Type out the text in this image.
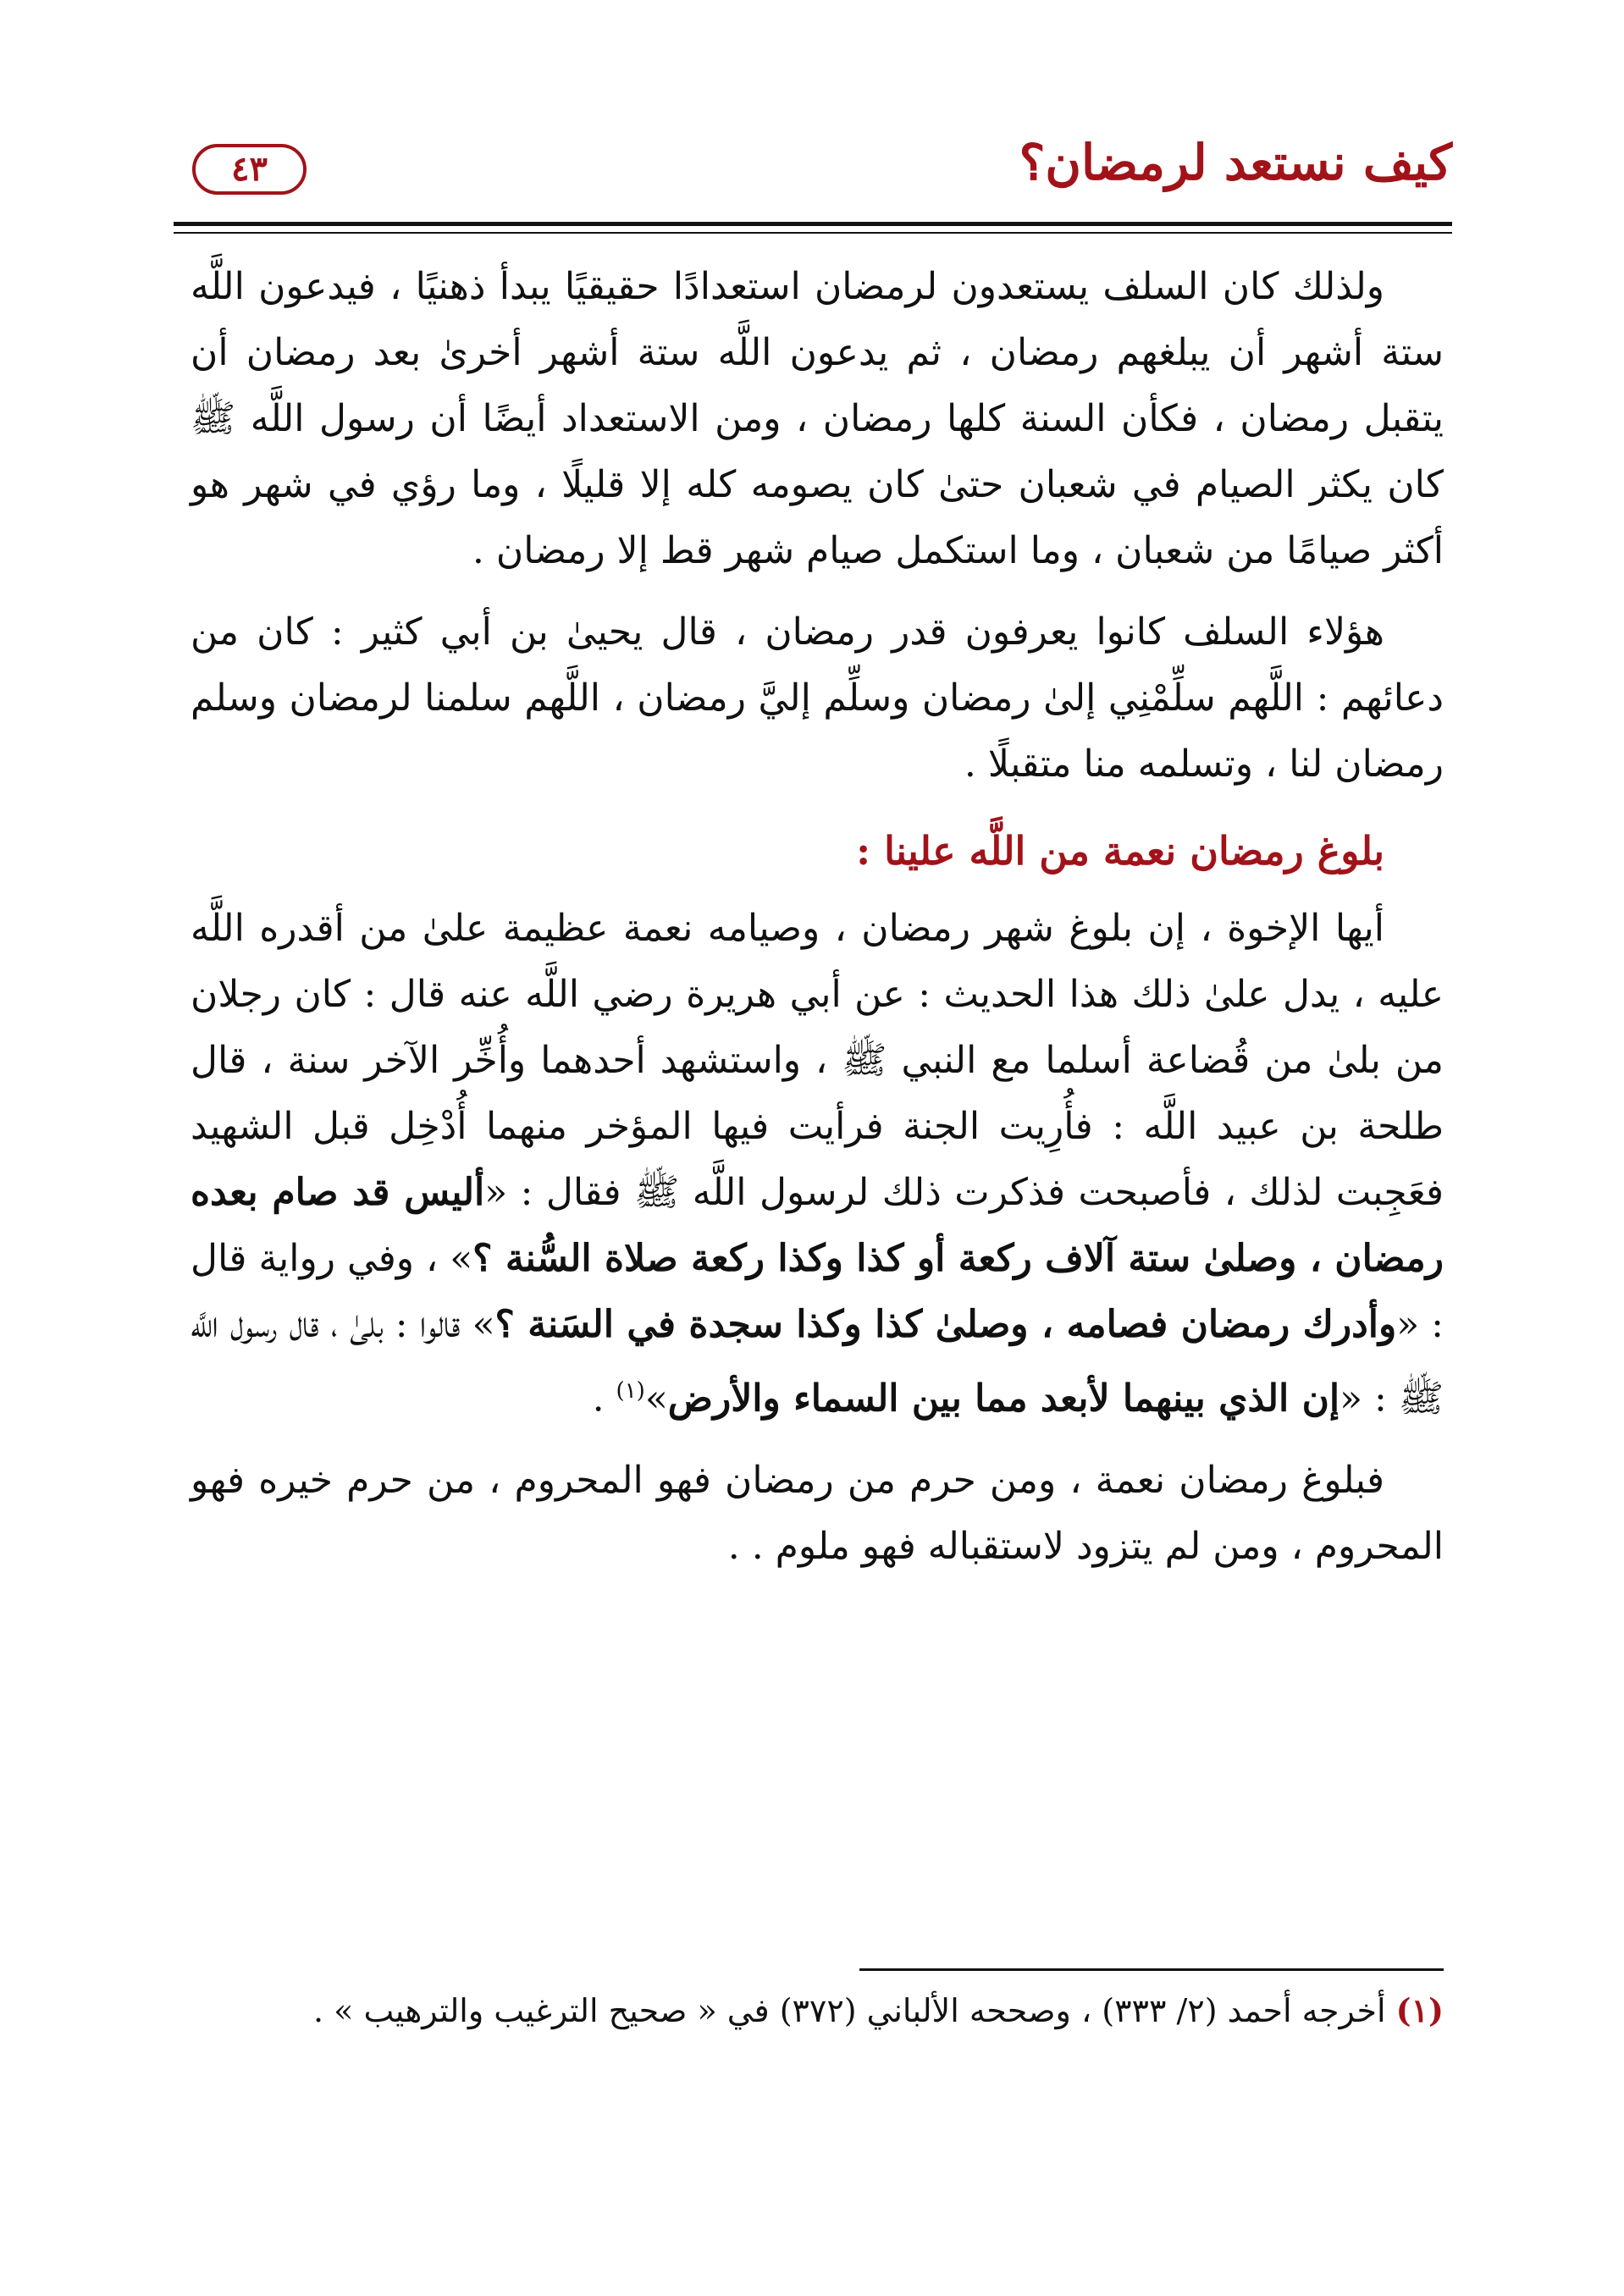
كيف نستعد لرمضان؟
٤٣

ولذلك كان السلف يستعدون لرمضان استعدادًا حقيقيًا يبدأ ذهنيًا ، فيدعون اللَّه ستة أشهر أن يبلغهم رمضان ، ثم يدعون اللَّه ستة أشهر أخرىٰ بعد رمضان أن يتقبل رمضان ، فكأن السنة كلها رمضان ، ومن الاستعداد أيضًا أن رسول اللَّه ﷺ كان يكثر الصيام في شعبان حتىٰ كان يصومه كله إلا قليلًا ، وما رؤي في شهر هو أكثر صيامًا من شعبان ، وما استكمل صيام شهر قط إلا رمضان .

هؤلاء السلف كانوا يعرفون قدر رمضان ، قال يحيىٰ بن أبي كثير : كان من دعائهم : اللَّهم سلِّمْنِي إلىٰ رمضان وسلِّم إليَّ رمضان ، اللَّهم سلمنا لرمضان وسلم رمضان لنا ، وتسلمه منا متقبلًا .

بلوغ رمضان نعمة من اللَّه علينا :

أيها الإخوة ، إن بلوغ شهر رمضان ، وصيامه نعمة عظيمة علىٰ من أقدره اللَّه عليه ، يدل علىٰ ذلك هذا الحديث : عن أبي هريرة رضي اللَّه عنه قال : كان رجلان من بلىٰ من قُضاعة أسلما مع النبي ﷺ ، واستشهد أحدهما وأُخِّر الآخر سنة ، قال طلحة بن عبيد اللَّه : فأُرِيت الجنة فرأيت فيها المؤخر منهما أُدْخِل قبل الشهيد فعَجِبت لذلك ، فأصبحت فذكرت ذلك لرسول اللَّه ﷺ فقال : «أليس قد صام بعده رمضان ، وصلىٰ ستة آلاف ركعة أو كذا وكذا ركعة صلاة السُّنة ؟» ، وفي رواية قال : «وأدرك رمضان فصامه ، وصلىٰ كذا وكذا سجدة في السَنة ؟» قالوا : بلىٰ ، قال رسول اللَّه ﷺ : «إن الذي بينهما لأبعد مما بين السماء والأرض»$^{(١)}$ .

فبلوغ رمضان نعمة ، ومن حرم من رمضان فهو المحروم ، من حرم خيره فهو المحروم ، ومن لم يتزود لاستقباله فهو ملوم . .

(١) أخرجه أحمد (٢/ ٣٣٣) ، وصححه الألباني (٣٧٢) في « صحيح الترغيب والترهيب » .
